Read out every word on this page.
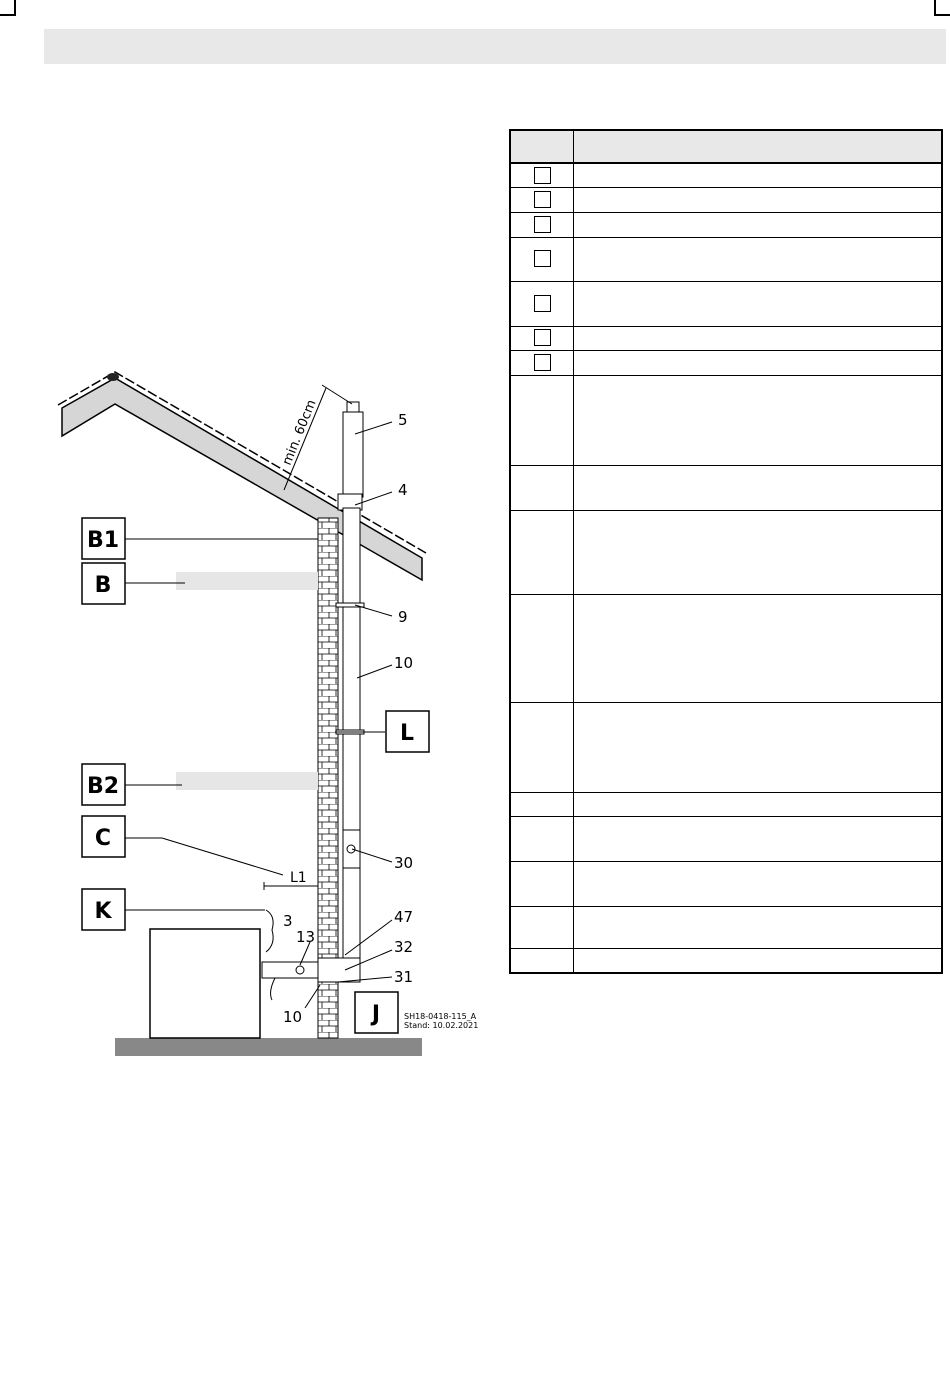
min. 60cm
L1
5
4
9
10
30
47
32
31
3
13
10
B1
B
B2
C
K
L
J	SH18-0418-115_A
Stand: 10.02.2021
